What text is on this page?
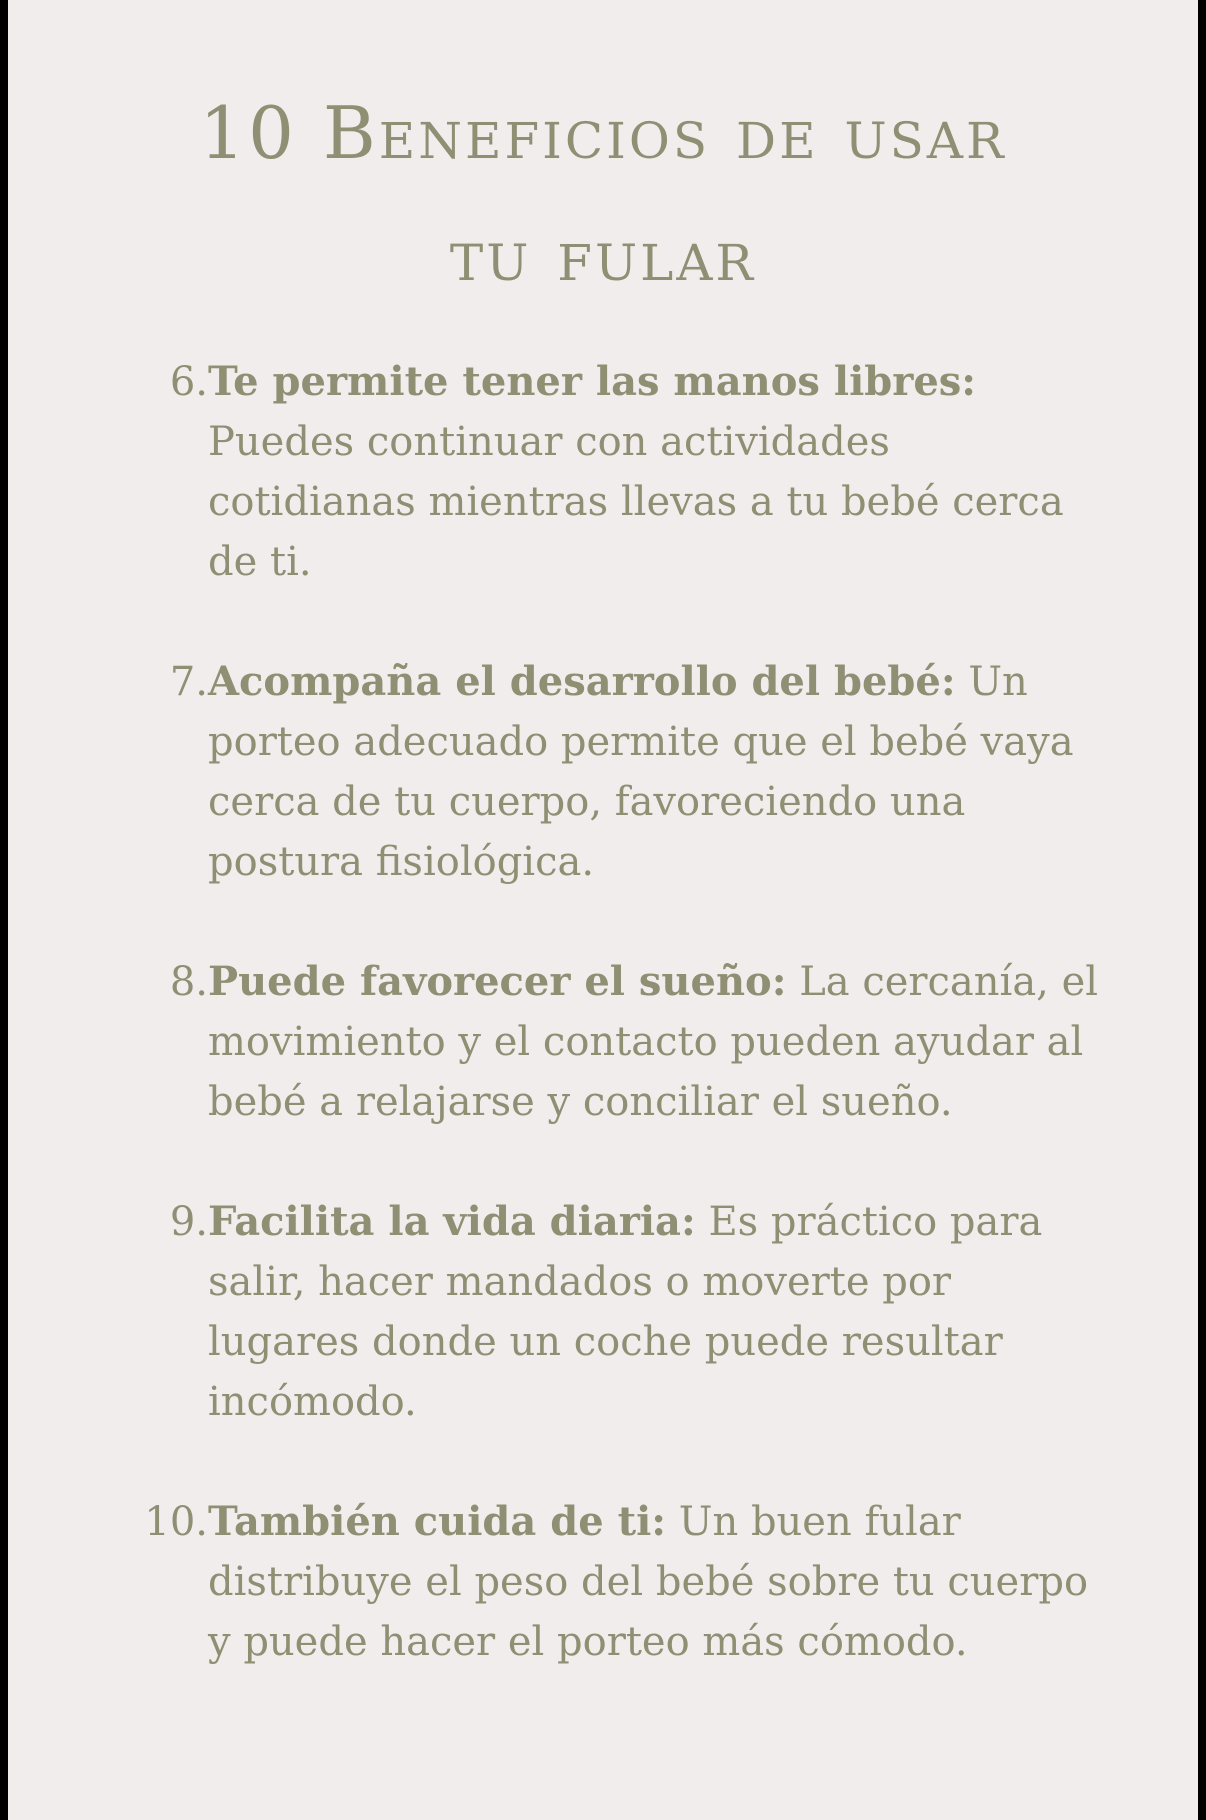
10 Beneficios de usar
tu fular
6. Te permite tener las manos libres: Puedes continuar con actividades cotidianas mientras llevas a tu bebé cerca de ti.
7. Acompaña el desarrollo del bebé: Un porteo adecuado permite que el bebé vaya cerca de tu cuerpo, favoreciendo una postura fisiológica.
8. Puede favorecer el sueño: La cercanía, el movimiento y el contacto pueden ayudar al bebé a relajarse y conciliar el sueño.
9. Facilita la vida diaria: Es práctico para salir, hacer mandados o moverte por lugares donde un coche puede resultar incómodo.
10. También cuida de ti: Un buen fular distribuye el peso del bebé sobre tu cuerpo y puede hacer el porteo más cómodo.
